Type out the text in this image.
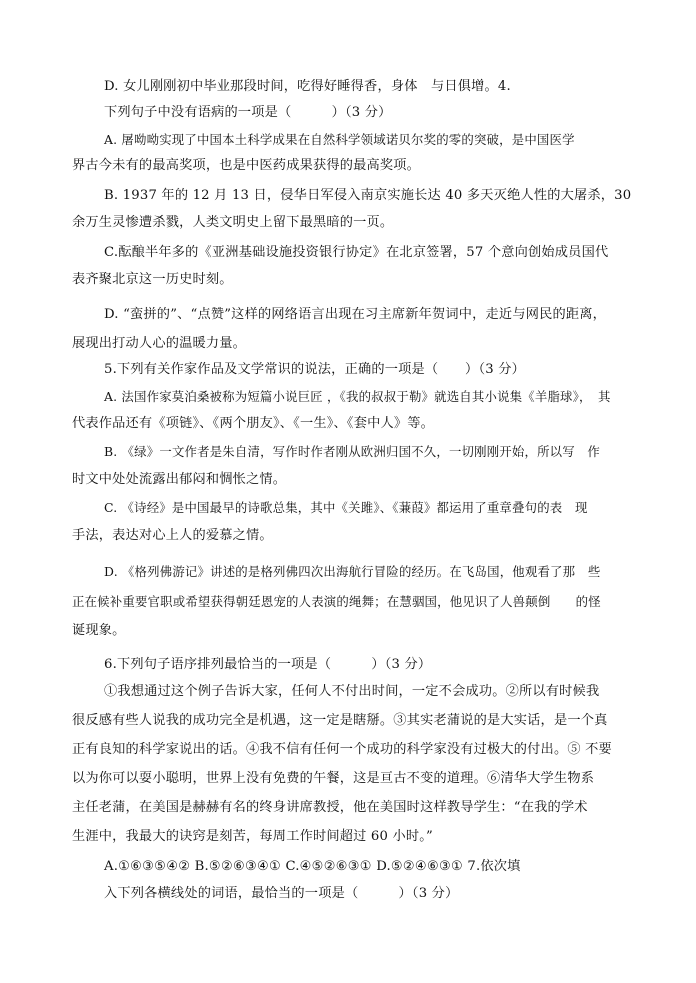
D. 女儿刚刚初中毕业那段时间，吃得好睡得香，身体　与日俱增。4.
下列句子中没有语病的一项是（　　　）（3 分）
A. 屠呦呦实现了中国本土科学成果在自然科学领域诺贝尔奖的零的突破，是中国医学
界古今未有的最高奖项，也是中医药成果获得的最高奖项。
B. 1937 年的 12 月 13 日，侵华日军侵入南京实施长达 40 多天灭绝人性的大屠杀，30
余万生灵惨遭杀戮，人类文明史上留下最黑暗的一页。
C.酝酿半年多的《亚洲基础设施投资银行协定》在北京签署，57 个意向创始成员国代
表齐聚北京这一历史时刻。
D. “蛮拼的”、“点赞”这样的网络语言出现在习主席新年贺词中，走近与网民的距离，
展现出打动人心的温暖力量。
5.下列有关作家作品及文学常识的说法，正确的一项是（　　）（3 分）
A. 法国作家莫泊桑被称为短篇小说巨匠 ，《我的叔叔于勒》就选自其小说集《羊脂球》，　其
代表作品还有《项链》、《两个朋友》、《一生》、《套中人》等。
B. 《绿》一文作者是朱自清，写作时作者刚从欧洲归国不久，一切刚刚开始，所以写　作
时文中处处流露出郁闷和惆怅之情。
C. 《诗经》是中国最早的诗歌总集，其中《关雎》、《蒹葭》都运用了重章叠句的表　现
手法，表达对心上人的爱慕之情。
D. 《格列佛游记》讲述的是格列佛四次出海航行冒险的经历。在飞岛国，他观看了那　些
正在候补重要官职或希望获得朝廷恩宠的人表演的绳舞；在慧骃国，他见识了人兽颠倒　　的怪
诞现象。
6.下列句子语序排列最恰当的一项是（　　　）（3 分）
①我想通过这个例子告诉大家，任何人不付出时间，一定不会成功。②所以有时候我
很反感有些人说我的成功完全是机遇，这一定是瞎掰。③其实老蒲说的是大实话，是一个真
正有良知的科学家说出的话。④我不信有任何一个成功的科学家没有过极大的付出。⑤ 不要
以为你可以耍小聪明，世界上没有免费的午餐，这是亘古不变的道理。⑥清华大学生物系
主任老蒲，在美国是赫赫有名的终身讲席教授，他在美国时这样教导学生：“在我的学术
生涯中，我最大的诀窍是刻苦，每周工作时间超过 60 小时。”
A.①⑥③⑤④② B.⑤②⑥③④① C.④⑤②⑥③① D.⑤②④⑥③① 7.依次填
入下列各横线处的词语，最恰当的一项是（　　　）（3 分）
